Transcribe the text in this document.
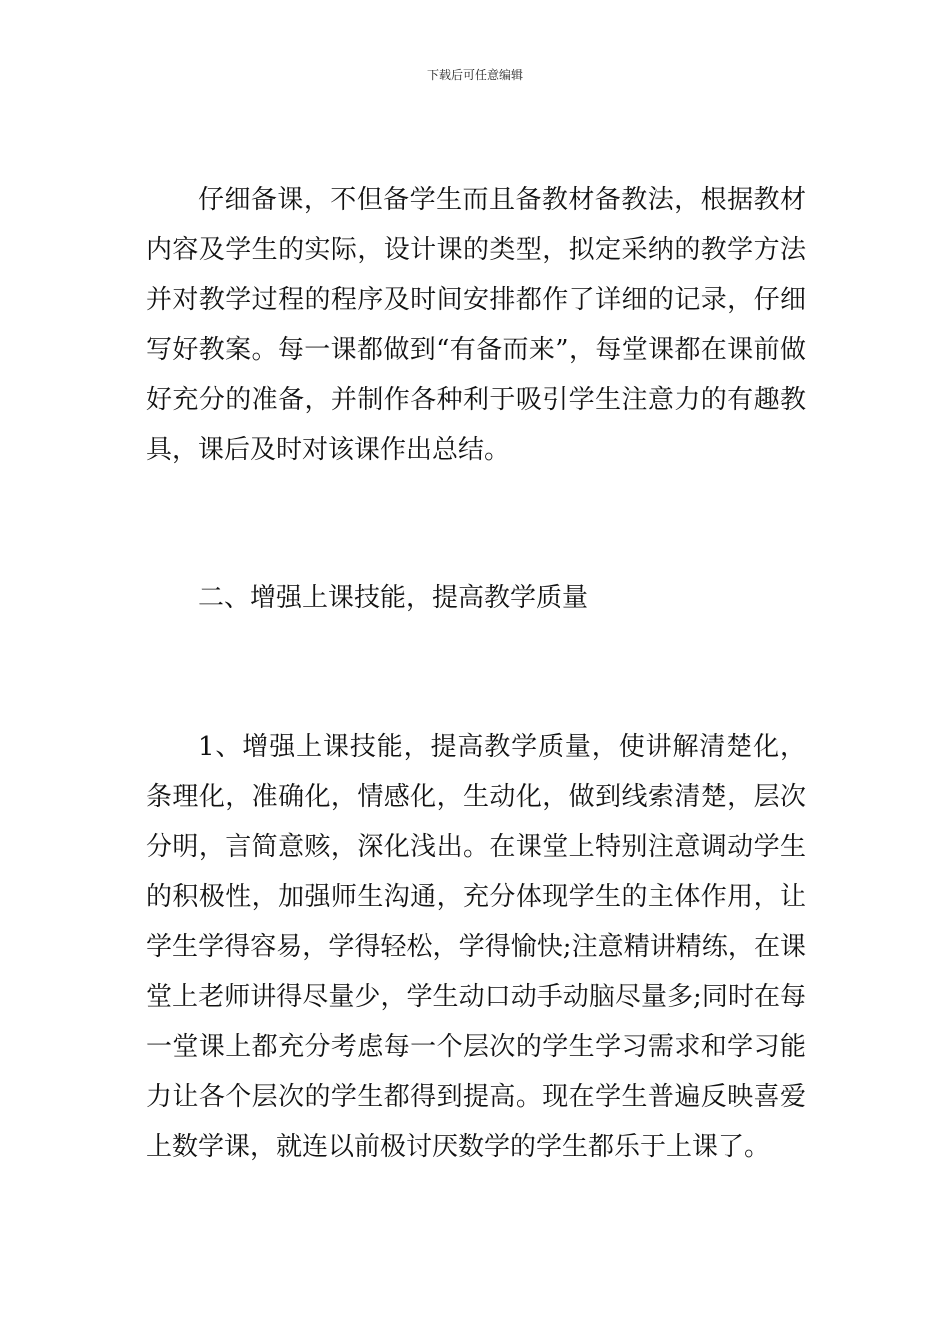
下载后可任意编辑

仔细备课，不但备学生而且备教材备教法，根据教材内容及学生的实际，设计课的类型，拟定采纳的教学方法并对教学过程的程序及时间安排都作了详细的记录，仔细写好教案。每一课都做到“有备而来”，每堂课都在课前做好充分的准备，并制作各种利于吸引学生注意力的有趣教具，课后及时对该课作出总结。

二、增强上课技能，提高教学质量

1、增强上课技能，提高教学质量，使讲解清楚化，条理化，准确化，情感化，生动化，做到线索清楚，层次分明，言简意赅，深化浅出。在课堂上特别注意调动学生的积极性，加强师生沟通，充分体现学生的主体作用，让学生学得容易，学得轻松，学得愉快;注意精讲精练，在课堂上老师讲得尽量少，学生动口动手动脑尽量多;同时在每一堂课上都充分考虑每一个层次的学生学习需求和学习能力让各个层次的学生都得到提高。现在学生普遍反映喜爱上数学课，就连以前极讨厌数学的学生都乐于上课了。
